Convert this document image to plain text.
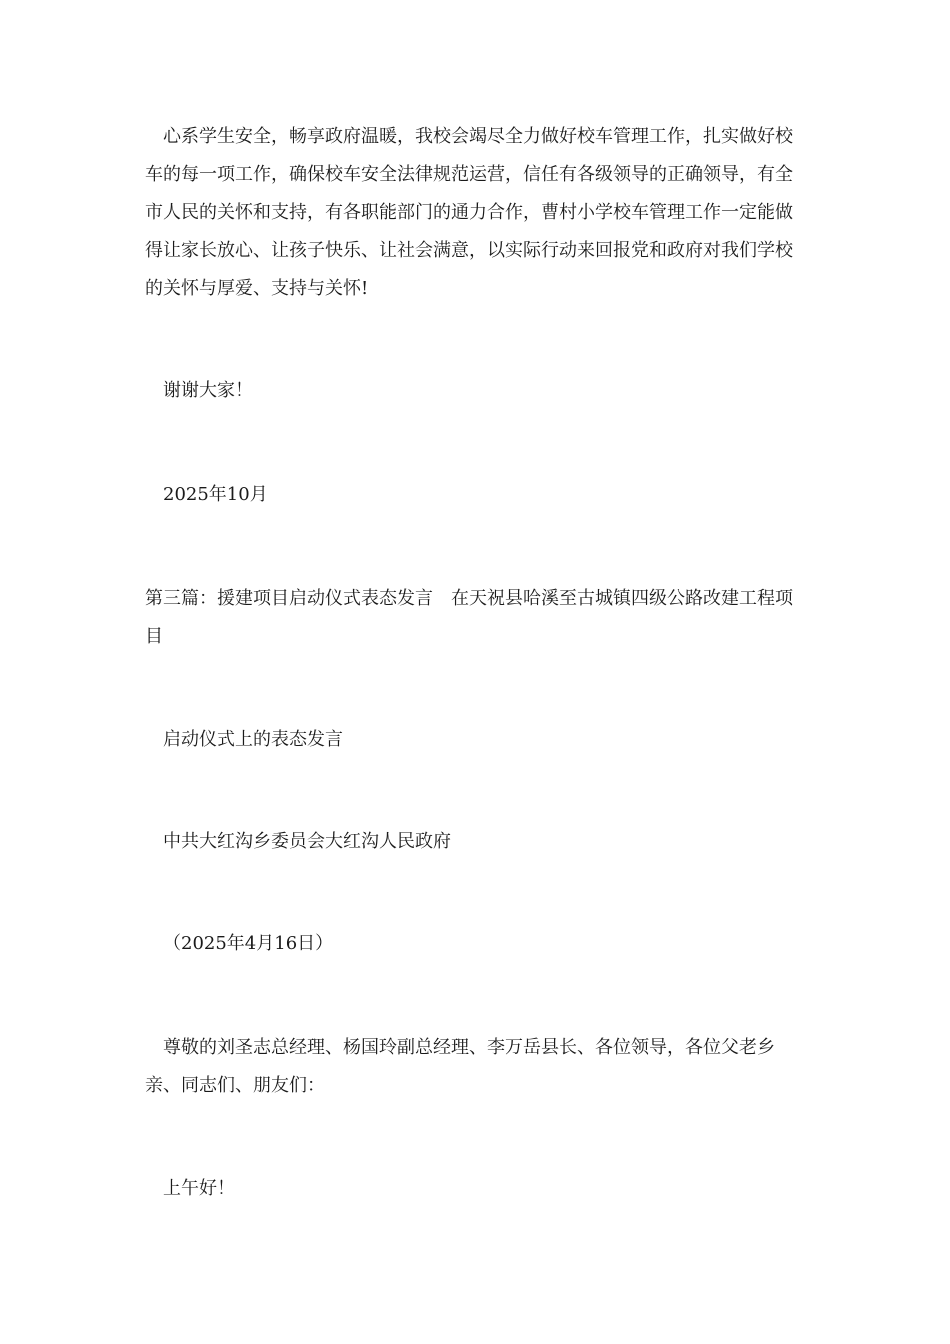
心系学生安全，畅享政府温暖，我校会竭尽全力做好校车管理工作，扎实做好校车的每一项工作，确保校车安全法律规范运营，信任有各级领导的正确领导，有全市人民的关怀和支持，有各职能部门的通力合作，曹村小学校车管理工作一定能做得让家长放心、让孩子快乐、让社会满意，以实际行动来回报党和政府对我们学校的关怀与厚爱、支持与关怀!

谢谢大家！

2025年10月

第三篇：援建项目启动仪式表态发言　在天祝县哈溪至古城镇四级公路改建工程项目

启动仪式上的表态发言

中共大红沟乡委员会大红沟人民政府

（2025年4月16日）

尊敬的刘圣志总经理、杨国玲副总经理、李万岳县长、各位领导，各位父老乡亲、同志们、朋友们：

上午好！
